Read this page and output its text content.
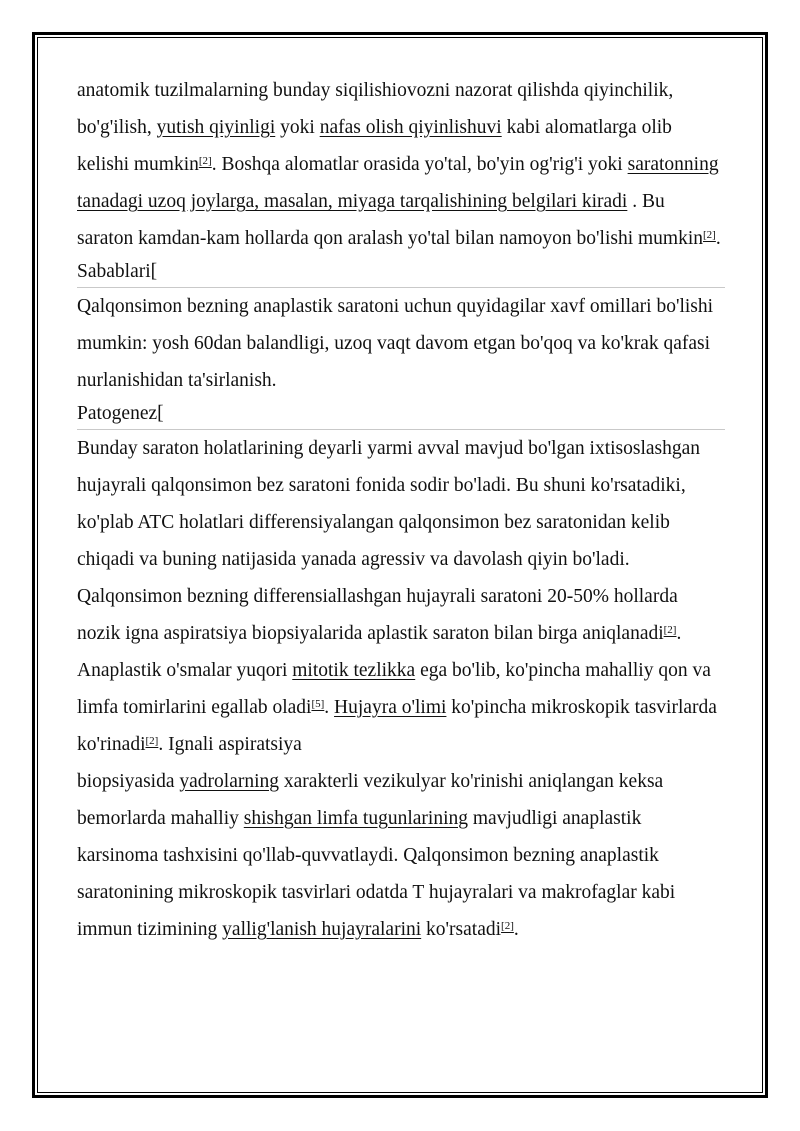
anatomik tuzilmalarning bunday siqilishiovozni nazorat qilishda qiyinchilik, bo'g'ilish, yutish qiyinligi yoki nafas olish qiyinlishuvi kabi alomatlarga olib kelishi mumkin[2]. Boshqa alomatlar orasida yo'tal, bo'yin og'rig'i yoki saratonning tanadagi uzoq joylarga, masalan, miyaga tarqalishining belgilari kiradi . Bu saraton kamdan-kam hollarda qon aralash yo'tal bilan namoyon bo'lishi mumkin[2].

Sabablari[

Qalqonsimon bezning anaplastik saratoni uchun quyidagilar xavf omillari bo'lishi mumkin: yosh 60dan balandligi, uzoq vaqt davom etgan bo'qoq va ko'krak qafasi nurlanishidan ta'sirlanish.

Patogenez[

Bunday saraton holatlarining deyarli yarmi avval mavjud bo'lgan ixtisoslashgan hujayrali qalqonsimon bez saratoni fonida sodir bo'ladi. Bu shuni ko'rsatadiki, ko'plab ATC holatlari differensiyalangan qalqonsimon bez saratonidan kelib chiqadi va buning natijasida yanada agressiv va davolash qiyin bo'ladi. Qalqonsimon bezning differensiallashgan hujayrali saratoni 20-50% hollarda nozik igna aspiratsiya biopsiyalarida aplastik saraton bilan birga aniqlanadi[2].

Anaplastik o'smalar yuqori mitotik tezlikka ega bo'lib, ko'pincha mahalliy qon va limfa tomirlarini egallab oladi[5]. Hujayra o'limi ko'pincha mikroskopik tasvirlarda ko'rinadi[2]. Ignali aspiratsiya
biopsiyasida yadrolarning xarakterli vezikulyar ko'rinishi aniqlangan keksa bemorlarda mahalliy shishgan limfa tugunlarining mavjudligi anaplastik karsinoma tashxisini qo'llab-quvvatlaydi. Qalqonsimon bezning anaplastik saratonining mikroskopik tasvirlari odatda T hujayralari va makrofaglar kabi immun tizimining yallig'lanish hujayralarini ko'rsatadi[2].
